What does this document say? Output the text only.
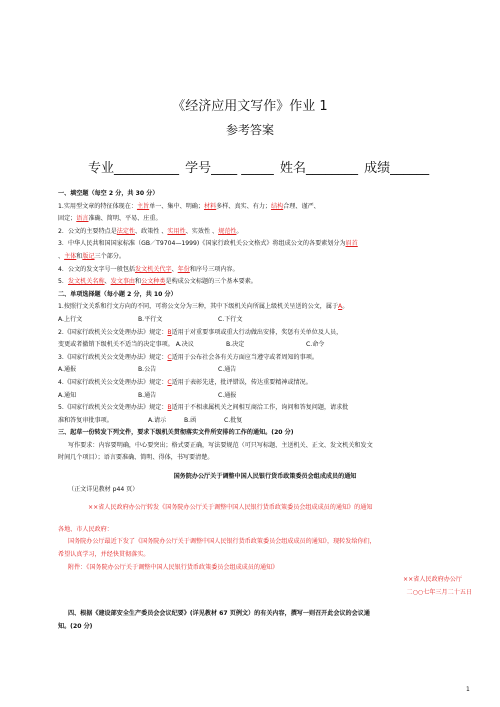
《经济应用文写作》作业 1
参考答案
专业__________ 学号____ _____ 姓名________ 成绩______

一、填空题（每空 2 分，共 30 分）

1.实用型文章的特征体现在：主旨单一、集中、明确；材料多样、真实、有力；结构合理、谨严、

固定；语言准确、简明、平易、庄重。

2．公文的主要特点是法定性、政策性 、实用性、实效性 、规范性。

3．中华人民共和国国家标准（GB／T9704—1999)《国家行政机关公文格式》将组成公文的各要素划分为眉首

、主体和版记三个部分。

4．公文的发文字号一般包括发文机关代字、年份和序号三项内容。

5．发文机关名称、发文事由和公文种类是构成公文标题的三个基本要素。

二、单项选择题（每小题 2 分，共 10 分）

1.按照行文关系和行文方向的不同，可将公文分为三种，其中下级机关向所属上级机关呈送的公文，属于A。

A.上行文	B.平行文	C.下行文

2.《国家行政机关公文处理办法》规定：B适用于对重要事项或重大行动做出安排，奖惩有关单位及人员，

变更或者撤销下级机关不适当的决定事项。 A.决议	B.决定	C.命令

3.《国家行政机关公文处理办法》规定：C适用于公布社会各有关方面应当遵守或者周知的事项。

A.通报	B.公告	C.通告

4.《国家行政机关公文处理办法》规定：C适用于表彰先进，批评错误，传达重要精神或情况。

A.通知	B.通告	C.通报

5.《国家行政机关公文处理办法》规定：B适用于不相隶属机关之间相互商洽工作，询问和答复问题，请求批

准和答复审批事项。	A.请示	B.函	C.批复

三、起草一份转发下列文件，要求下级机关贯彻落实文件所安排的工作的通知。(20 分)

写作要求：内容要明确，中心要突出；格式要正确，写法要规范（可只写标题、主送机关、正文、发文机关和发文

时间几个项目）；语言要准确、简明、得体，书写要清楚。

国务院办公厅关于调整中国人民银行货币政策委员会组成成员的通知

（正文详见教材 p44 页）

××省人民政府办公厅转发《国务院办公厅关于调整中国人民银行货币政策委员会组成成员的通知》的通知

各地、市人民政府：

国务院办公厅最近下发了《国务院办公厅关于调整中国人民银行货币政策委员会组成成员的通知》，现转发给你们，

希望认真学习，并经快贯彻落实。

附件：《国务院办公厅关于调整中国人民银行货币政策委员会组成成员的通知》

××省人民政府办公厅

二○○七年三月二十五日

四、根据《建设部安全生产委员会会议纪要》(详见教材 67 页例文）的有关内容，撰写一则召开此会议的会议通

知。(20 分)

1
